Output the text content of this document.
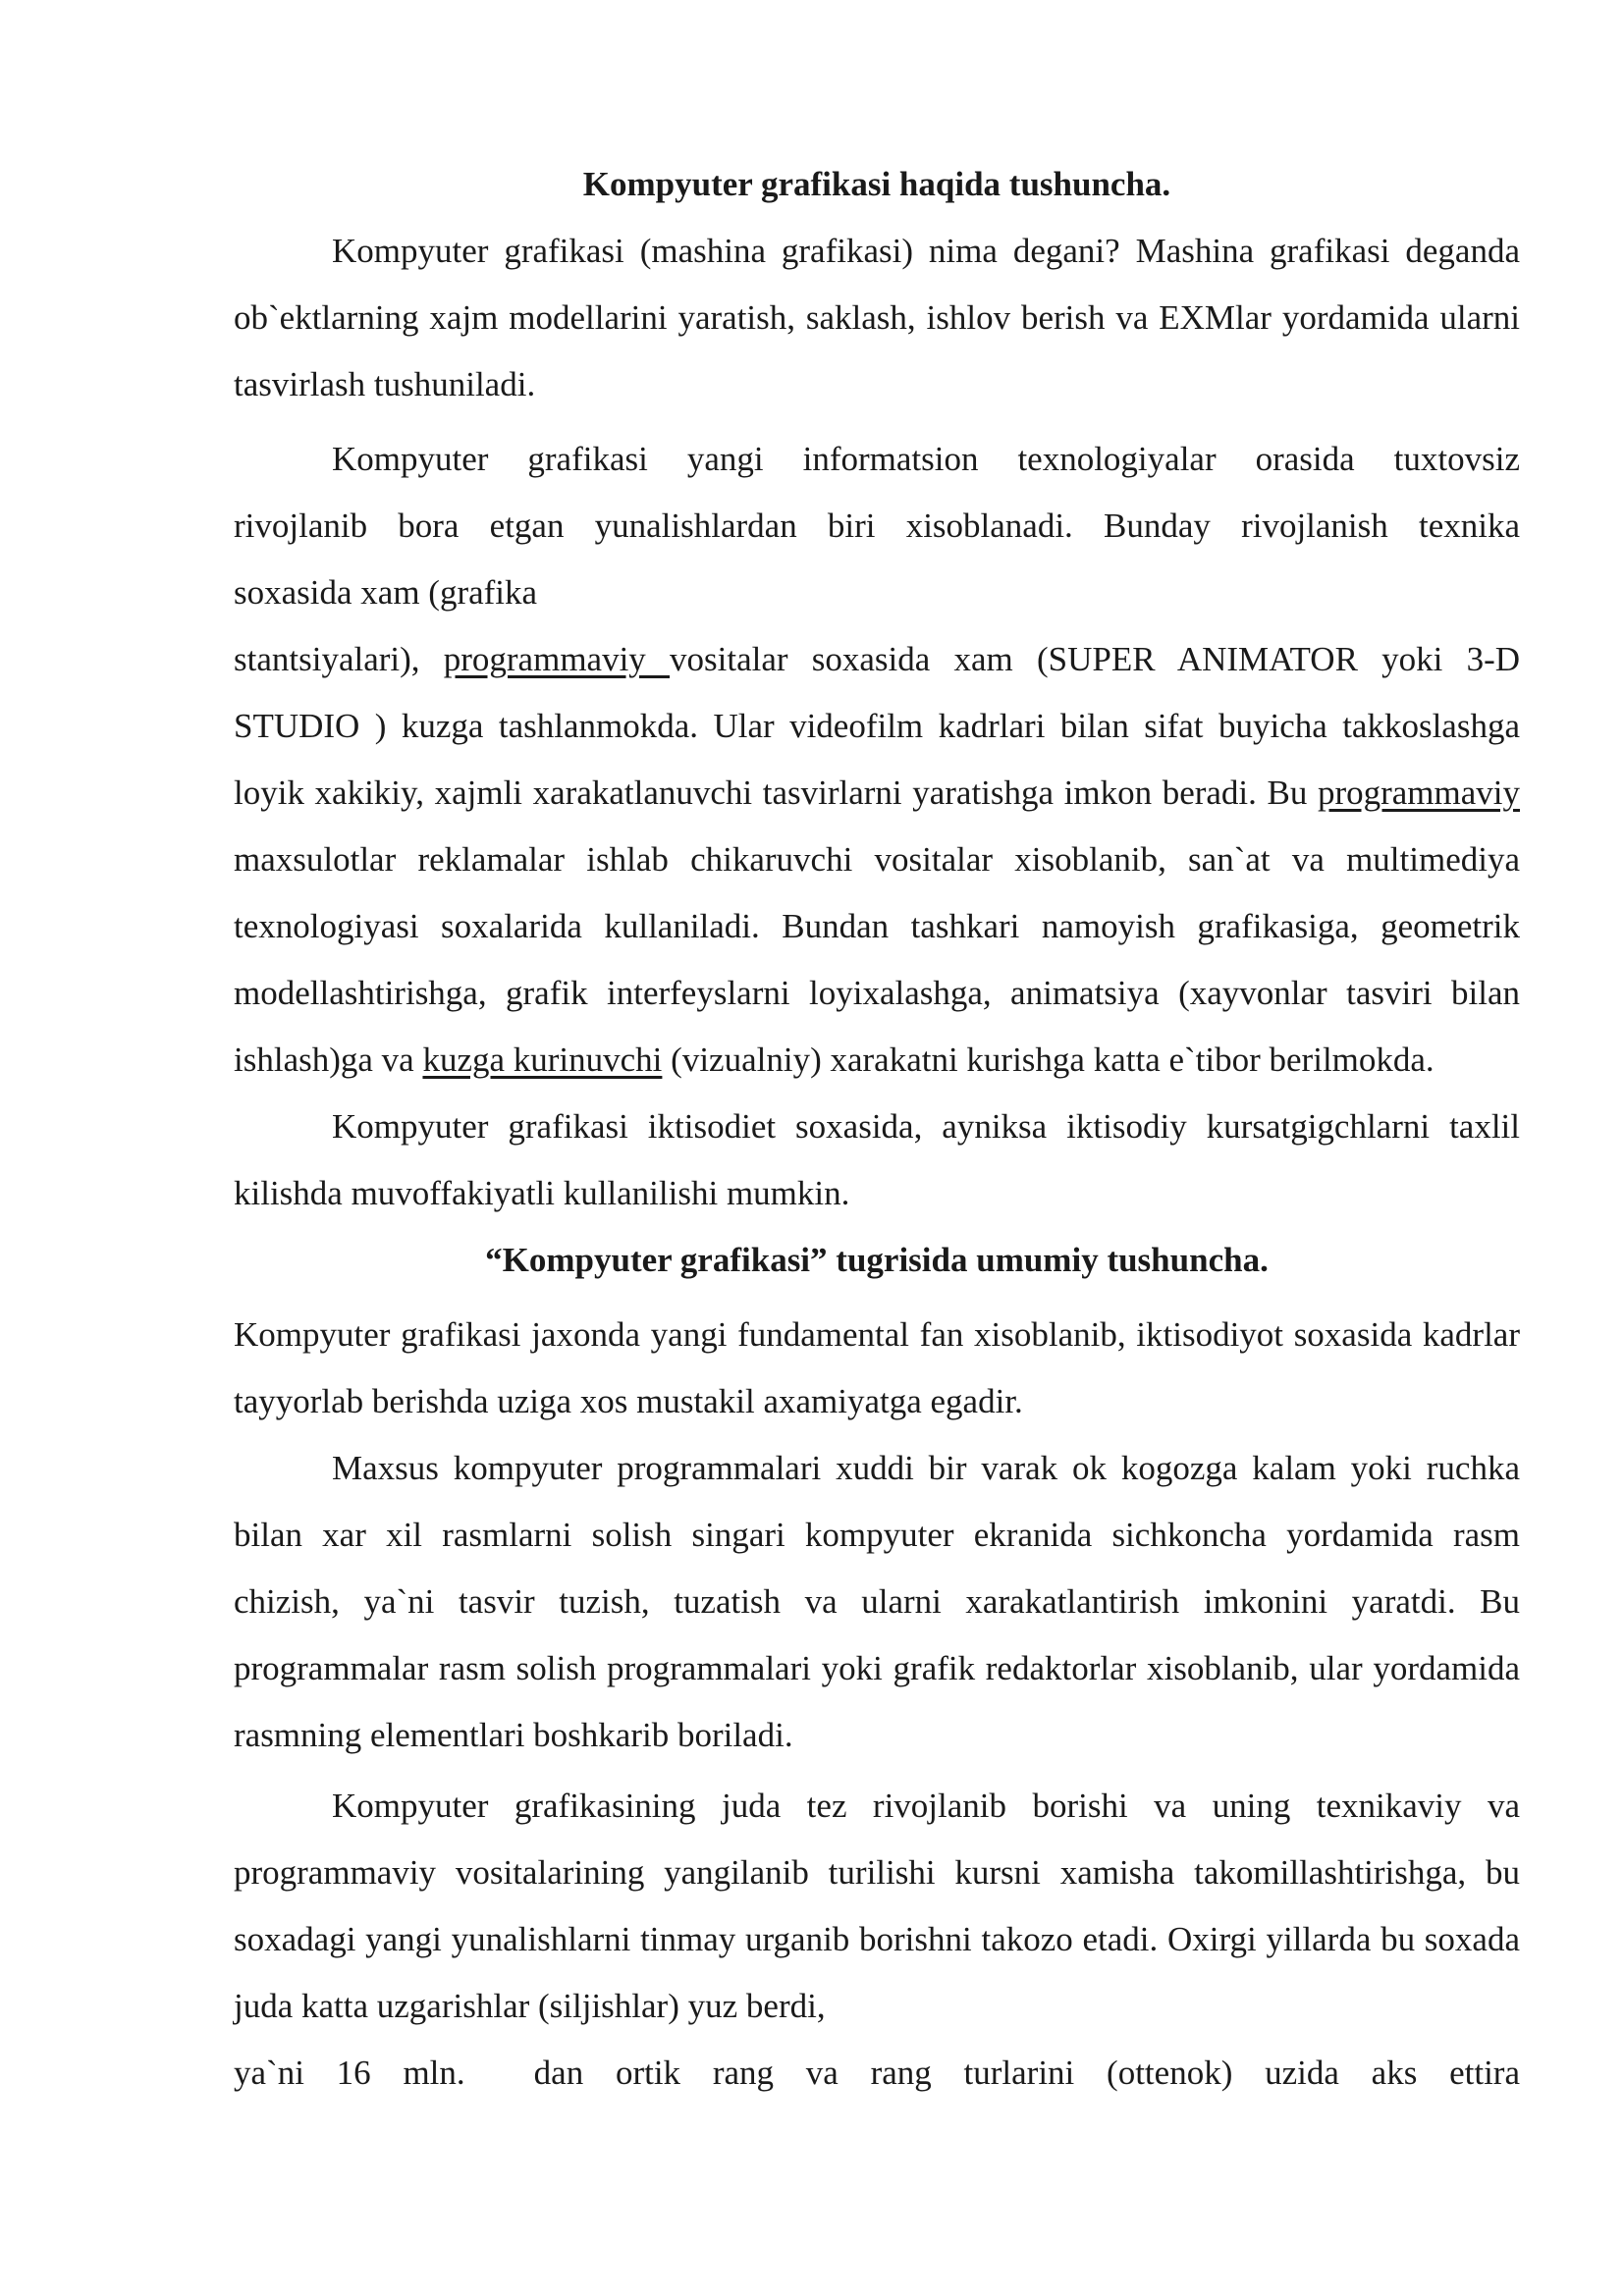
Kompyuter grafikasi haqida tushuncha.

Kompyuter grafikasi (mashina grafikasi) nima degani? Mashina grafikasi deganda ob`ektlarning xajm modellarini yaratish, saklash, ishlov berish va EXMlar yordamida ularni tasvirlash tushuniladi.

Kompyuter grafikasi yangi informatsion texnologiyalar orasida tuxtovsiz
rivojlanib bora etgan yunalishlardan biri xisoblanadi. Bunday rivojlanish texnika
soxasida xam (grafika
stantsiyalari), programmaviy vositalar soxasida xam (SUPER ANIMATOR yoki 3-D STUDIO ) kuzga tashlanmokda. Ular videofilm kadrlari bilan sifat buyicha takkoslashga loyik xakikiy, xajmli xarakatlanuvchi tasvirlarni yaratishga imkon beradi. Bu programmaviy maxsulotlar reklamalar ishlab chikaruvchi vositalar xisoblanib, san`at va multimediya texnologiyasi soxalarida kullaniladi. Bundan tashkari namoyish grafikasiga, geometrik modellashtirishga, grafik interfeyslarni loyixalashga, animatsiya (xayvonlar tasviri bilan ishlash)ga va kuzga kurinuvchi (vizualniy) xarakatni kurishga katta e`tibor berilmokda.

Kompyuter grafikasi iktisodiet soxasida, ayniksa iktisodiy kursatgigchlarni taxlil kilishda muvoffakiyatli kullanilishi mumkin.

“Kompyuter grafikasi” tugrisida umumiy tushuncha.

Kompyuter grafikasi jaxonda yangi fundamental fan xisoblanib, iktisodiyot soxasida kadrlar tayyorlab berishda uziga xos mustakil axamiyatga egadir.

Maxsus kompyuter programmalari xuddi bir varak ok kogozga kalam yoki ruchka bilan xar xil rasmlarni solish singari kompyuter ekranida sichkoncha yordamida rasm chizish, ya`ni tasvir tuzish, tuzatish va ularni xarakatlantirish imkonini yaratdi. Bu programmalar rasm solish programmalari yoki grafik redaktorlar xisoblanib, ular yordamida rasmning elementlari boshkarib boriladi.

Kompyuter grafikasining juda tez rivojlanib borishi va uning texnikaviy va programmaviy vositalarining yangilanib turilishi kursni xamisha takomillashtirishga, bu soxadagi yangi yunalishlarni tinmay urganib borishni takozo etadi. Oxirgi yillarda bu soxada juda katta uzgarishlar (siljishlar) yuz berdi,
ya`ni 16 mln. dan ortik rang va rang turlarini (ottenok) uzida aks ettira
